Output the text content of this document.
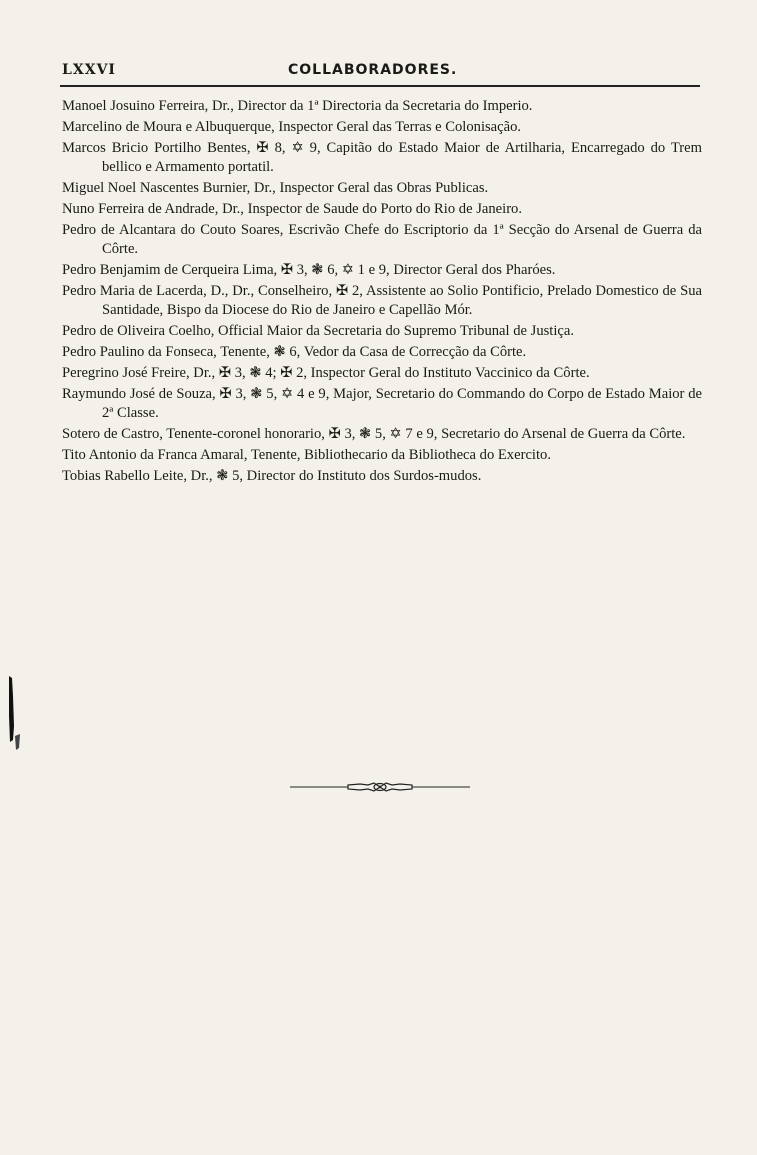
LXXVI	COLLABORADORES.

Manoel Josuino Ferreira, Dr., Director da 1ª Directoria da Secretaria do Imperio.

Marcelino de Moura e Albuquerque, Inspector Geral das Terras e Colonisação.

Marcos Bricio Portilho Bentes, ✠ 8, ✡ 9, Capitão do Estado Maior de Artilharia, Encarregado do Trem bellico e Armamento portatil.

Miguel Noel Nascentes Burnier, Dr., Inspector Geral das Obras Publicas.

Nuno Ferreira de Andrade, Dr., Inspector de Saude do Porto do Rio de Janeiro.

Pedro de Alcantara do Couto Soares, Escrivão Chefe do Escriptorio da 1ª Secção do Arsenal de Guerra da Côrte.

Pedro Benjamim de Cerqueira Lima, ✠ 3, ❃ 6, ✡ 1 e 9, Director Geral dos Pharóes.

Pedro Maria de Lacerda, D., Dr., Conselheiro, ✠ 2, Assistente ao Solio Pontificio, Prelado Domestico de Sua Santidade, Bispo da Diocese do Rio de Janeiro e Capellão Mór.

Pedro de Oliveira Coelho, Official Maior da Secretaria do Supremo Tribunal de Justiça.

Pedro Paulino da Fonseca, Tenente, ❃ 6, Vedor da Casa de Correcção da Côrte.

Peregrino José Freire, Dr., ✠ 3, ❃ 4; ✠ 2, Inspector Geral do Instituto Vaccinico da Côrte.

Raymundo José de Souza, ✠ 3, ❃ 5, ✡ 4 e 9, Major, Secretario do Commando do Corpo de Estado Maior de 2ª Classe.

Sotero de Castro, Tenente-coronel honorario, ✠ 3, ❃ 5, ✡ 7 e 9, Secretario do Arsenal de Guerra da Côrte.

Tito Antonio da Franca Amaral, Tenente, Bibliothecario da Bibliotheca do Exercito.

Tobias Rabello Leite, Dr., ❃ 5, Director do Instituto dos Surdos-mudos.
